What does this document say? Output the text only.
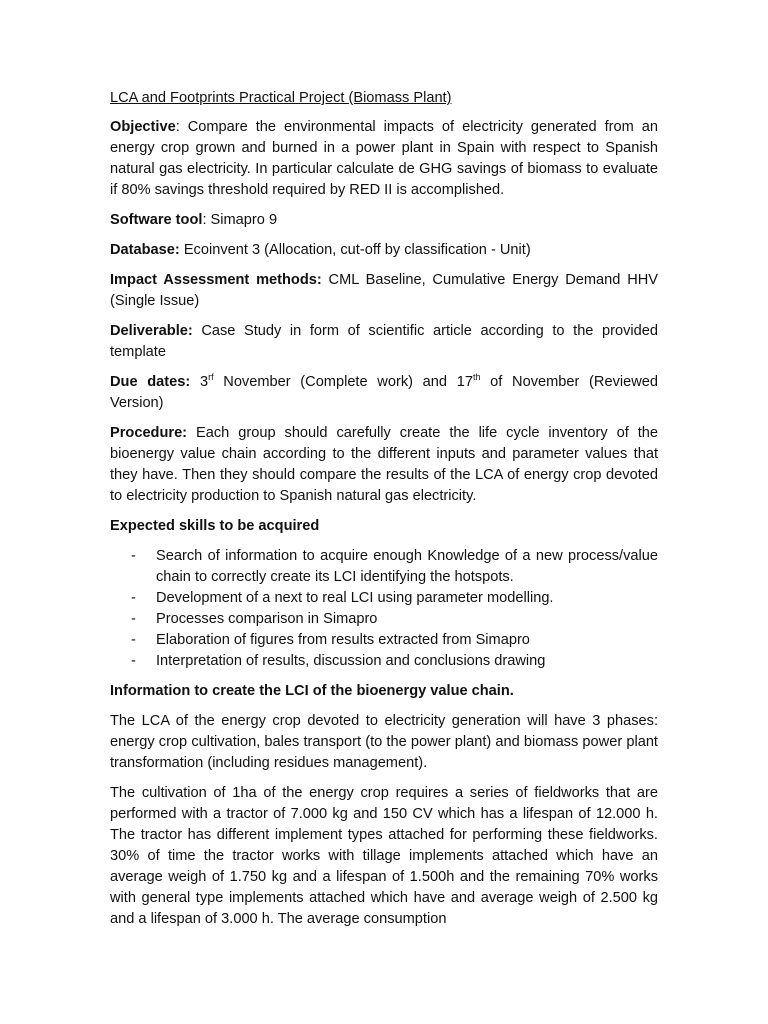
LCA and Footprints Practical Project (Biomass Plant)

Objective: Compare the environmental impacts of electricity generated from an energy crop grown and burned in a power plant in Spain with respect to Spanish natural gas electricity. In particular calculate de GHG savings of biomass to evaluate if 80% savings threshold required by RED II is accomplished.

Software tool: Simapro 9

Database: Ecoinvent 3 (Allocation, cut-off by classification - Unit)

Impact Assessment methods: CML Baseline, Cumulative Energy Demand HHV (Single Issue)

Deliverable: Case Study in form of scientific article according to the provided template

Due dates: $3^{rf}$ November (Complete work) and 17th of November (Reviewed Version)

Procedure: Each group should carefully create the life cycle inventory of the bioenergy value chain according to the different inputs and parameter values that they have. Then they should compare the results of the LCA of energy crop devoted to electricity production to Spanish natural gas electricity.

Expected skills to be acquired
- Search of information to acquire enough Knowledge of a new process/value chain to correctly create its LCI identifying the hotspots.
- Development of a next to real LCI using parameter modelling.
- Processes comparison in Simapro
- Elaboration of figures from results extracted from Simapro
- Interpretation of results, discussion and conclusions drawing
Information to create the LCI of the bioenergy value chain.

The LCA of the energy crop devoted to electricity generation will have 3 phases: energy crop cultivation, bales transport (to the power plant) and biomass power plant transformation (including residues management).

The cultivation of 1ha of the energy crop requires a series of fieldworks that are performed with a tractor of 7.000 kg and 150 CV which has a lifespan of 12.000 h. The tractor has different implement types attached for performing these fieldworks. 30% of time the tractor works with tillage implements attached which have an average weigh of 1.750 kg and a lifespan of 1.500h and the remaining 70% works with general type implements attached which have and average weigh of 2.500 kg and a lifespan of 3.000 h. The average consumption
